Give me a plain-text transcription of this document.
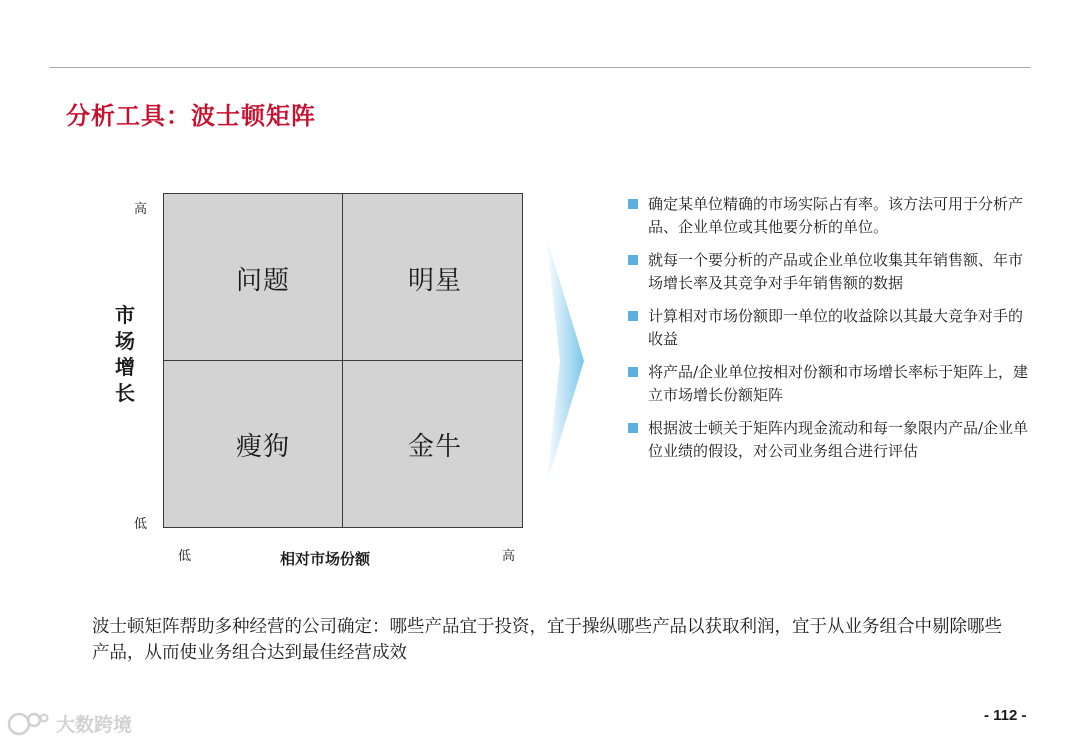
分析工具：波士顿矩阵
高
低
市场增长
问题	明星
瘦狗	金牛
低	相对市场份额	高
确定某单位精确的市场实际占有率。该方法可用于分析产品、企业单位或其他要分析的单位。
就每一个要分析的产品或企业单位收集其年销售额、年市场增长率及其竞争对手年销售额的数据
计算相对市场份额即一单位的收益除以其最大竞争对手的收益
将产品/企业单位按相对份额和市场增长率标于矩阵上，建立市场增长份额矩阵
根据波士顿关于矩阵内现金流动和每一象限内产品/企业单位业绩的假设，对公司业务组合进行评估
波士顿矩阵帮助多种经营的公司确定：哪些产品宜于投资，宜于操纵哪些产品以获取利润，宜于从业务组合中剔除哪些产品，从而使业务组合达到最佳经营成效
大数跨境	- 112 -
